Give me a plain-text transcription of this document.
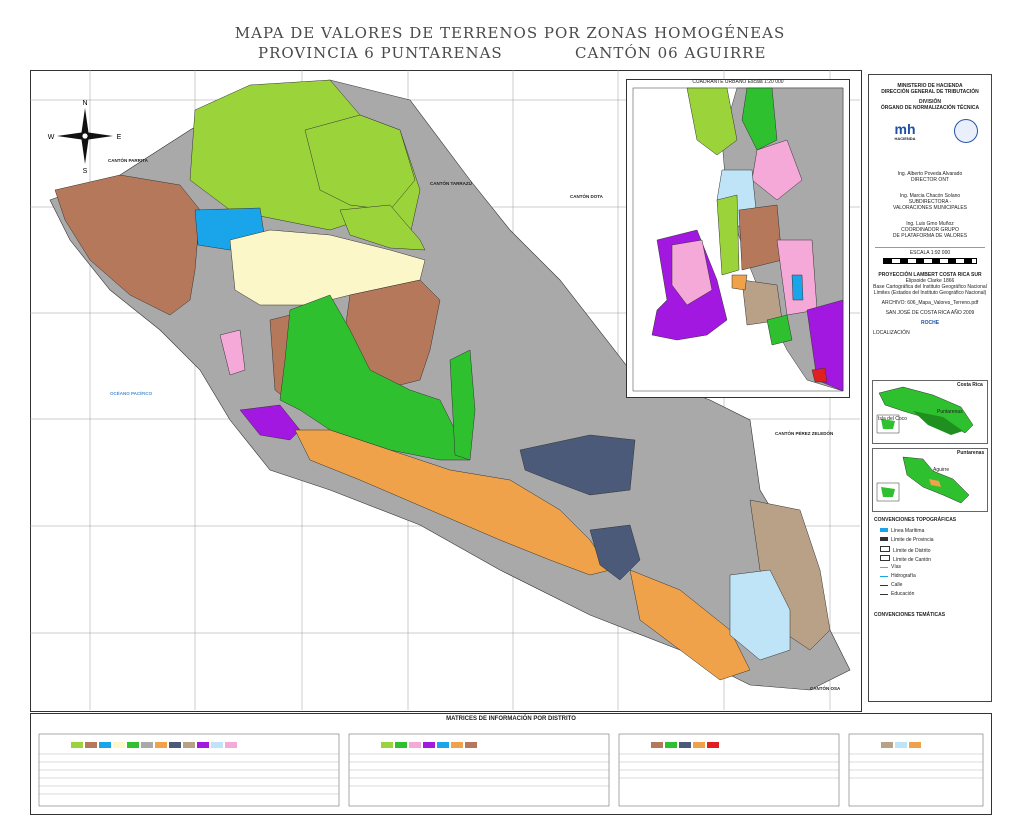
MAPA DE VALORES DE TERRENOS POR ZONAS HOMOGÉNEAS
PROVINCIA 6 PUNTARENAS	CANTÓN 06 AGUIRRE
N
S
W	E
CANTÓN PARRITA
CANTÓN TARRAZÚ
CANTÓN DOTA
CANTÓN PÉREZ ZELEDÓN
CANTÓN OSA
OCÉANO PACÍFICO
CUADRANTE URBANO Escala 1:20 000
MINISTERIO DE HACIENDA
DIRECCIÓN GENERAL DE TRIBUTACIÓN
DIVISIÓN
ÓRGANO DE NORMALIZACIÓN TÉCNICA
mh
HACIENDA
Ing. Alberto Poveda Alvarado
DIRECTOR ONT
Ing. Marcia Chacón Solano
SUBDIRECTORA -
VALORACIONES MUNICIPALES
Ing. Luis Gmo Muñoz
COORDINADOR GRUPO
DE PLATAFORMA DE VALORES
ESCALA 1:92 000
PROYECCIÓN LAMBERT COSTA RICA SUR
Elipsoide Clarke 1866
Base Cartográfica del Instituto Geográfico Nacional
Límites (Estados del Instituto Geográfico Nacional)
ARCHIVO: 606_Mapa_Valores_Terreno.pdf
SAN JOSÉ DE COSTA RICA AÑO 2009
ROCHE
LOCALIZACIÓN
Costa Rica
Puntarenas
Isla del Coco
Puntarenas
Aguirre
CONVENCIONES TOPOGRÁFICAS
Línea Marítima
Límite de Provincia
Límite de Distrito
Límite de Cantón
Vías
Hidrografía
Calle
Educación
CONVENCIONES TEMÁTICAS
MATRICES DE INFORMACIÓN POR DISTRITO
